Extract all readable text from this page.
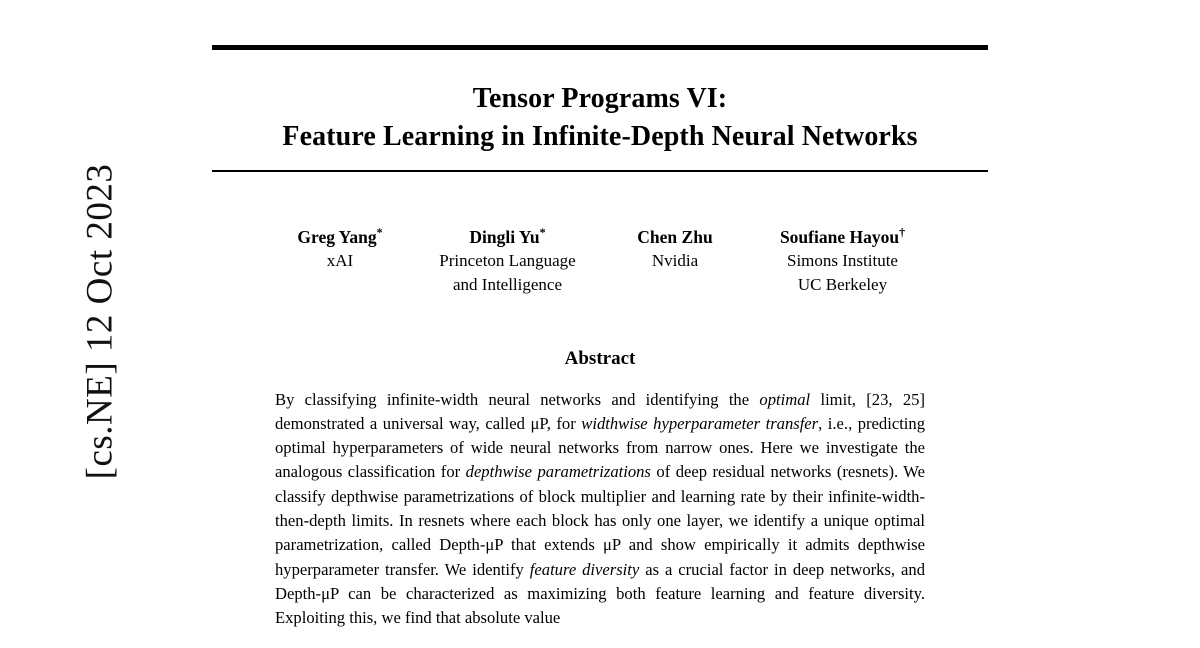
[cs.NE] 12 Oct 2023
Tensor Programs VI:
Feature Learning in Infinite-Depth Neural Networks
Greg Yang*
xAI
Dingli Yu*
Princeton Language
and Intelligence
Chen Zhu
Nvidia
Soufiane Hayou†
Simons Institute
UC Berkeley
Abstract
By classifying infinite-width neural networks and identifying the optimal limit, [23, 25] demonstrated a universal way, called μP, for widthwise hyperparameter transfer, i.e., predicting optimal hyperparameters of wide neural networks from narrow ones. Here we investigate the analogous classification for depthwise parametrizations of deep residual networks (resnets). We classify depthwise parametrizations of block multiplier and learning rate by their infinite-width-then-depth limits. In resnets where each block has only one layer, we identify a unique optimal parametrization, called Depth-μP that extends μP and show empirically it admits depthwise hyperparameter transfer. We identify feature diversity as a crucial factor in deep networks, and Depth-μP can be characterized as maximizing both feature learning and feature diversity. Exploiting this, we find that absolute value
